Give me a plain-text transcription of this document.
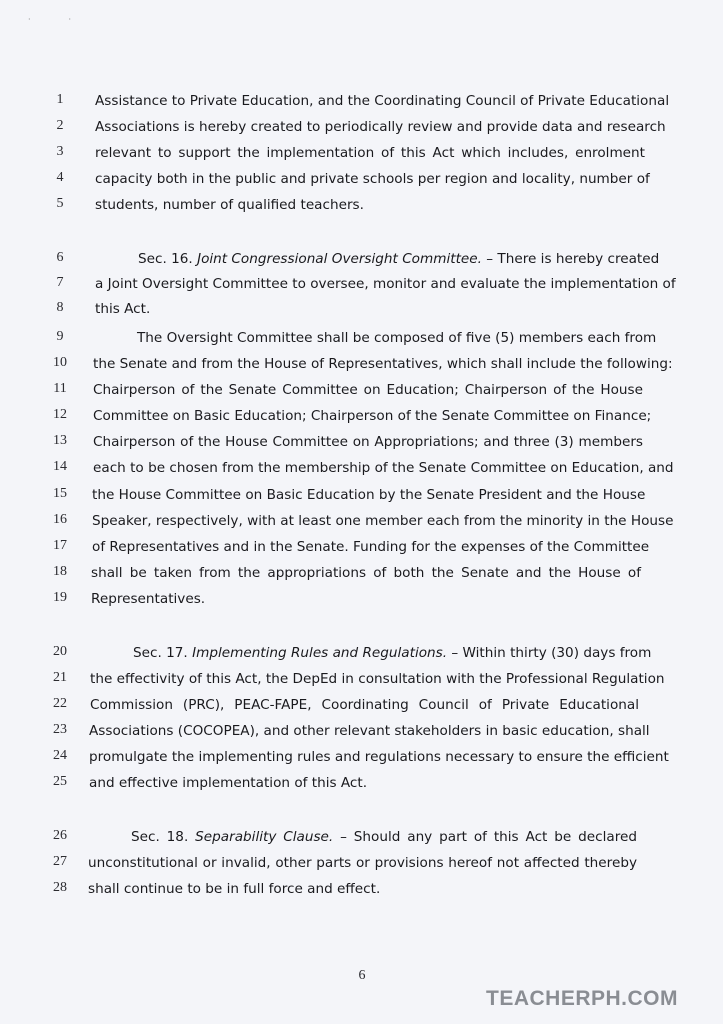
··
1
2
3
4
5
6
7
8
9
10
11
12
13
14
15
16
17
18
19
20
21
22
23
24
25
26
27
28
Assistance to Private Education, and the Coordinating Council of Private Educational
Associations is hereby created to periodically review and provide data and research
relevant to support the implementation of this Act which includes, enrolment
capacity both in the public and private schools per region and locality, number of
students, number of qualified teachers.
Sec. 16. Joint Congressional Oversight Committee. – There is hereby created
a Joint Oversight Committee to oversee, monitor and evaluate the implementation of
this Act.
The Oversight Committee shall be composed of five (5) members each from
the Senate and from the House of Representatives, which shall include the following:
Chairperson of the Senate Committee on Education; Chairperson of the House
Committee on Basic Education; Chairperson of the Senate Committee on Finance;
Chairperson of the House Committee on Appropriations; and three (3) members
each to be chosen from the membership of the Senate Committee on Education, and
the House Committee on Basic Education by the Senate President and the House
Speaker, respectively, with at least one member each from the minority in the House
of Representatives and in the Senate. Funding for the expenses of the Committee
shall be taken from the appropriations of both the Senate and the House of
Representatives.
Sec. 17. Implementing Rules and Regulations. – Within thirty (30) days from
the effectivity of this Act, the DepEd in consultation with the Professional Regulation
Commission (PRC), PEAC-FAPE, Coordinating Council of Private Educational
Associations (COCOPEA), and other relevant stakeholders in basic education, shall
promulgate the implementing rules and regulations necessary to ensure the efficient
and effective implementation of this Act.
Sec. 18. Separability Clause. – Should any part of this Act be declared
unconstitutional or invalid, other parts or provisions hereof not affected thereby
shall continue to be in full force and effect.
6
TEACHERPH.COM
